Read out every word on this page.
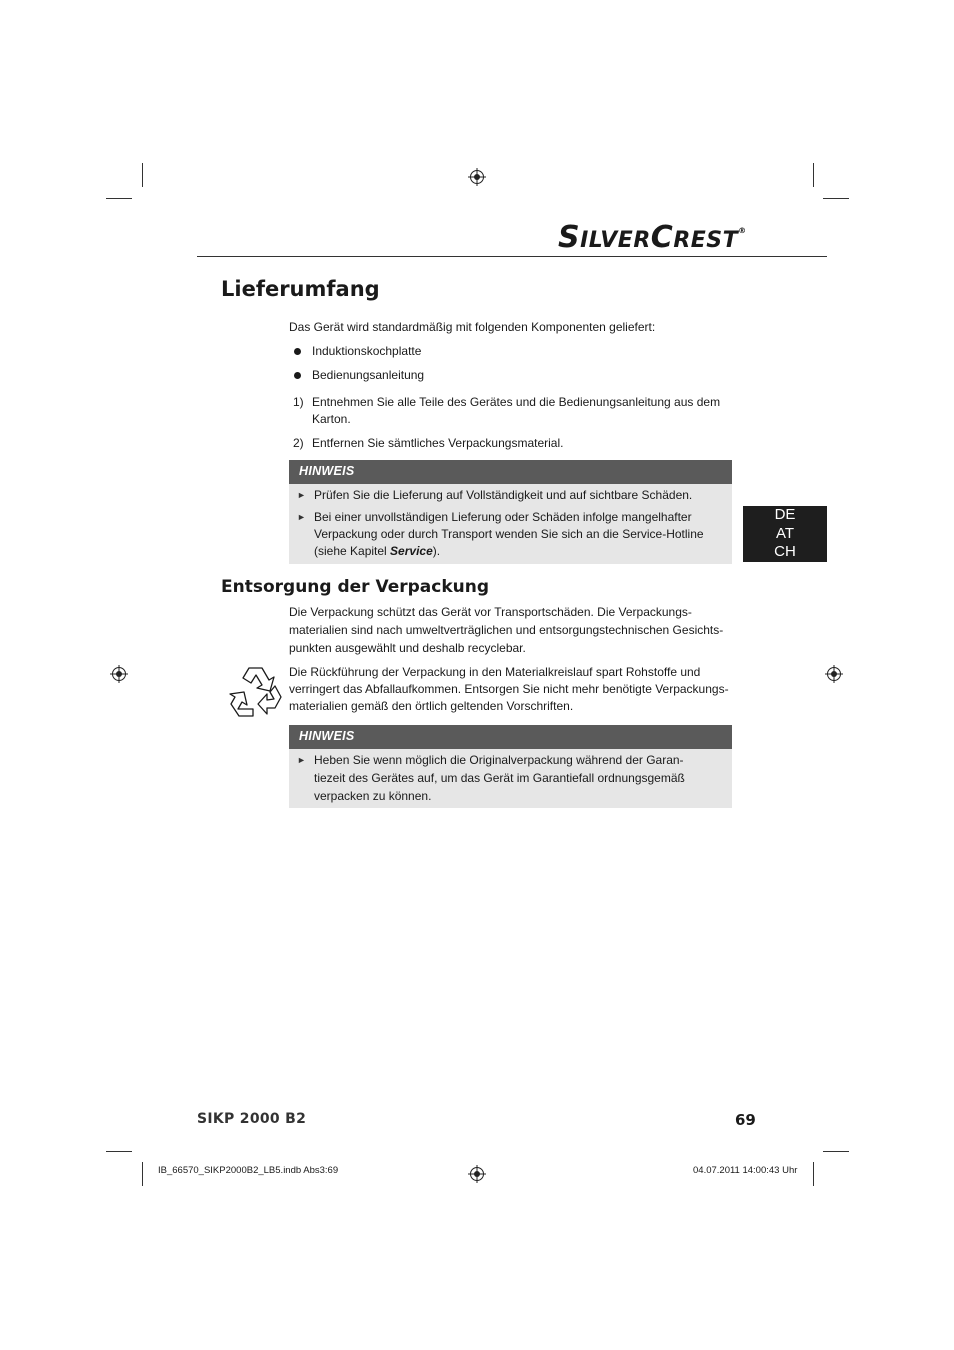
SILVERCREST®
Lieferumfang
Das Gerät wird standardmäßig mit folgenden Komponenten geliefert:
Induktionskochplatte
Bedienungsanleitung
1) Entnehmen Sie alle Teile des Gerätes und die Bedienungsanleitung aus dem
Karton.
2) Entfernen Sie sämtliches Verpackungsmaterial.
HINWEIS
► Prüfen Sie die Lieferung auf Vollständigkeit und auf sichtbare Schäden.
► Bei einer unvollständigen Lieferung oder Schäden infolge mangelhafter
Verpackung oder durch Transport wenden Sie sich an die Service-Hotline
(siehe Kapitel Service).
DE
AT
CH
Entsorgung der Verpackung
Die Verpackung schützt das Gerät vor Transportschäden. Die Verpackungs-
materialien sind nach umweltverträglichen und entsorgungstechnischen Gesichts-
punkten ausgewählt und deshalb recyclebar.
Die Rückführung der Verpackung in den Materialkreislauf spart Rohstoffe und
verringert das Abfallaufkommen. Entsorgen Sie nicht mehr benötigte Verpackungs-
materialien gemäß den örtlich geltenden Vorschriften.
HINWEIS
► Heben Sie wenn möglich die Originalverpackung während der Garan-
tiezeit des Gerätes auf, um das Gerät im Garantiefall ordnungsgemäß
verpacken zu können.
SIKP 2000 B2	69
IB_66570_SIKP2000B2_LB5.indb Abs3:69	04.07.2011 14:00:43 Uhr
